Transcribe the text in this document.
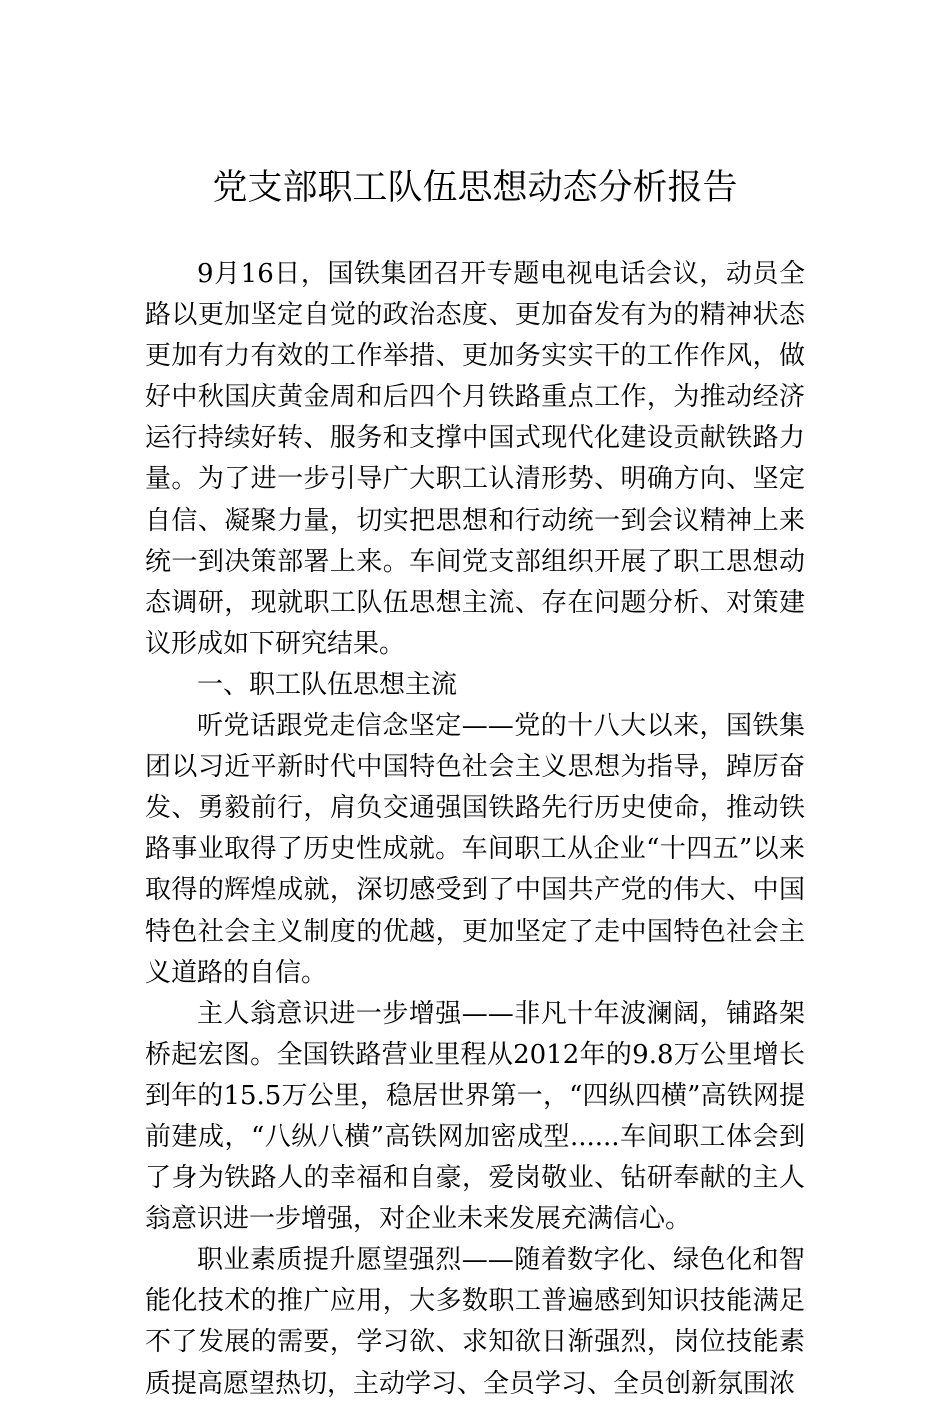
党支部职工队伍思想动态分析报告

9月16日，国铁集团召开专题电视电话会议，动员全路以更加坚定自觉的政治态度、更加奋发有为的精神状态更加有力有效的工作举措、更加务实实干的工作作风，做好中秋国庆黄金周和后四个月铁路重点工作，为推动经济运行持续好转、服务和支撑中国式现代化建设贡献铁路力量。为了进一步引导广大职工认清形势、明确方向、坚定自信、凝聚力量，切实把思想和行动统一到会议精神上来统一到决策部署上来。车间党支部组织开展了职工思想动态调研，现就职工队伍思想主流、存在问题分析、对策建议形成如下研究结果。

一、职工队伍思想主流

听党话跟党走信念坚定——党的十八大以来，国铁集团以习近平新时代中国特色社会主义思想为指导，踔厉奋发、勇毅前行，肩负交通强国铁路先行历史使命，推动铁路事业取得了历史性成就。车间职工从企业“十四五”以来取得的辉煌成就，深切感受到了中国共产党的伟大、中国特色社会主义制度的优越，更加坚定了走中国特色社会主义道路的自信。

主人翁意识进一步增强——非凡十年波澜阔，铺路架桥起宏图。全国铁路营业里程从2012年的9.8万公里增长到年的15.5万公里，稳居世界第一，“四纵四横”高铁网提前建成，“八纵八横”高铁网加密成型......车间职工体会到了身为铁路人的幸福和自豪，爱岗敬业、钻研奉献的主人翁意识进一步增强，对企业未来发展充满信心。

职业素质提升愿望强烈——随着数字化、绿色化和智能化技术的推广应用，大多数职工普遍感到知识技能满足不了发展的需要，学习欲、求知欲日渐强烈，岗位技能素质提高愿望热切，主动学习、全员学习、全员创新氛围浓
